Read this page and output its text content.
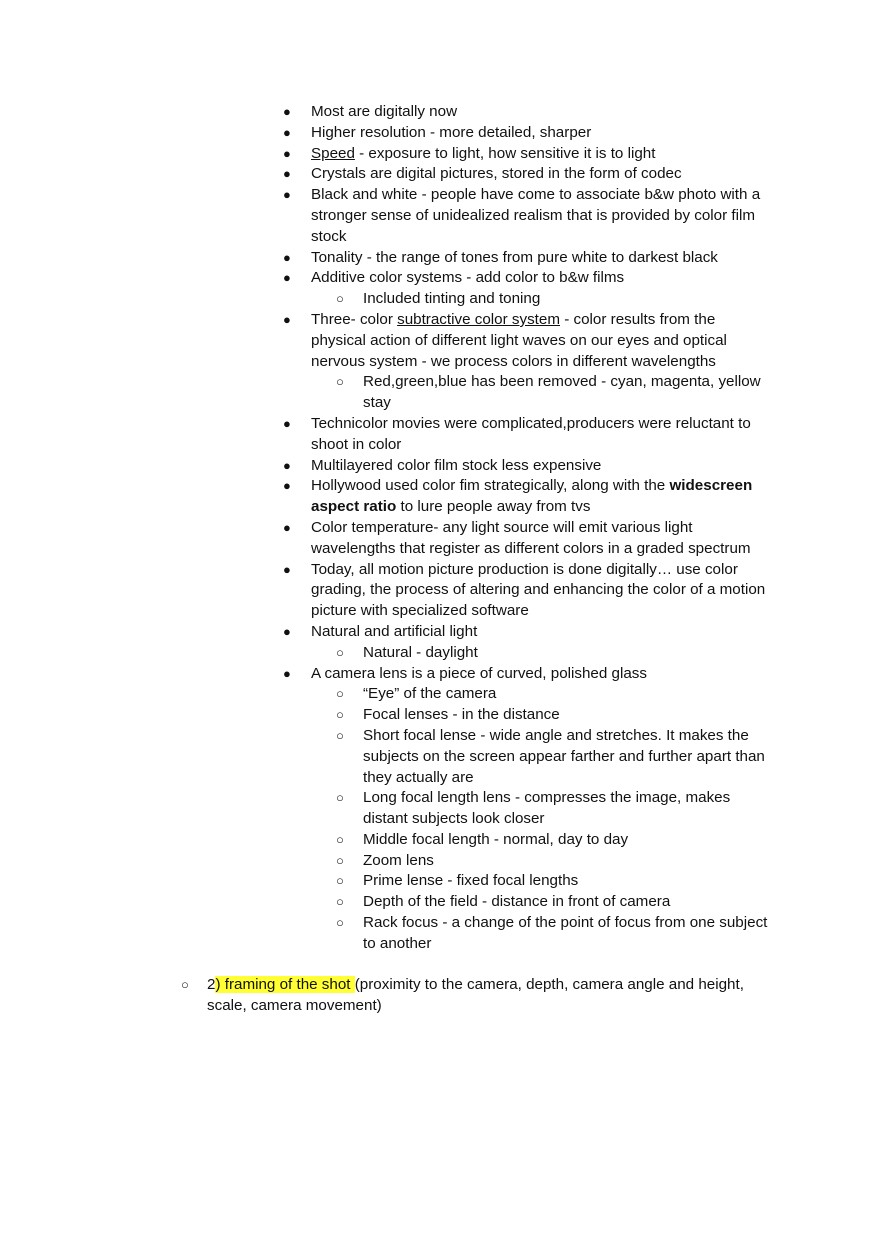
● Most are digitally now
● Higher resolution - more detailed, sharper
● Speed - exposure to light, how sensitive it is to light
● Crystals are digital pictures, stored in the form of codec
● Black and white - people have come to associate b&w photo with a stronger sense of unidealized realism that is provided by color film stock
● Tonality - the range of tones from pure white to darkest black
● Additive color systems - add color to b&w films
○ Included tinting and toning
● Three- color subtractive color system - color results from the physical action of different light waves on our eyes and optical nervous system - we process colors in different wavelengths
○ Red,green,blue has been removed - cyan, magenta, yellow stay
● Technicolor movies were complicated,producers were reluctant to shoot in color
● Multilayered color film stock less expensive
● Hollywood used color fim strategically, along with the widescreen aspect ratio to lure people away from tvs
● Color temperature- any light source will emit various light wavelengths that register as different colors in a graded spectrum
● Today, all motion picture production is done digitally… use color grading, the process of altering and enhancing the color of a motion picture with specialized software
● Natural and artificial light
○ Natural - daylight
● A camera lens is a piece of curved, polished glass
○ “Eye” of the camera
○ Focal lenses - in the distance
○ Short focal lense - wide angle and stretches. It makes the subjects on the screen appear farther and further apart than they actually are
○ Long focal length lens - compresses the image, makes distant subjects look closer
○ Middle focal length - normal, day to day
○ Zoom lens
○ Prime lense - fixed focal lengths
○ Depth of the field - distance in front of camera
○ Rack focus - a change of the point of focus from one subject to another
○ 2) framing of the shot (proximity to the camera, depth, camera angle and height, scale, camera movement)
